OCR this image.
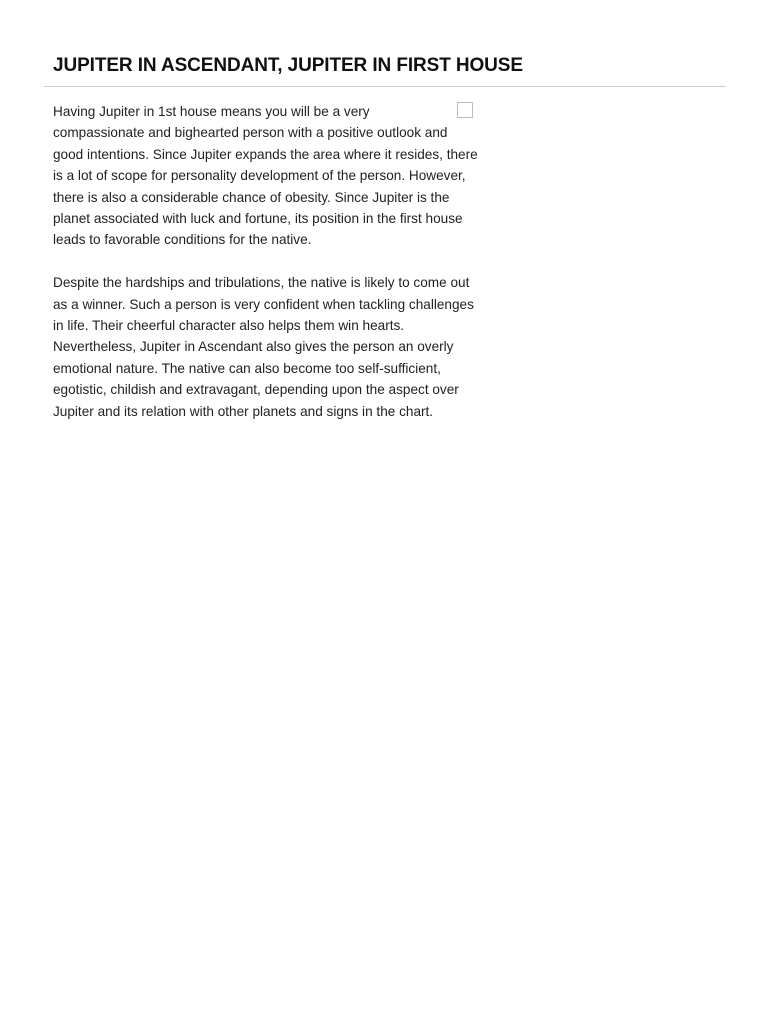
JUPITER IN ASCENDANT, JUPITER IN FIRST HOUSE

Having Jupiter in 1st house means you will be a very compassionate and bighearted person with a positive outlook and good intentions. Since Jupiter expands the area where it resides, there is a lot of scope for personality development of the person. However, there is also a considerable chance of obesity. Since Jupiter is the planet associated with luck and fortune, its position in the first house leads to favorable conditions for the native.

Despite the hardships and tribulations, the native is likely to come out as a winner. Such a person is very confident when tackling challenges in life. Their cheerful character also helps them win hearts. Nevertheless, Jupiter in Ascendant also gives the person an overly emotional nature. The native can also become too self-sufficient, egotistic, childish and extravagant, depending upon the aspect over Jupiter and its relation with other planets and signs in the chart.
